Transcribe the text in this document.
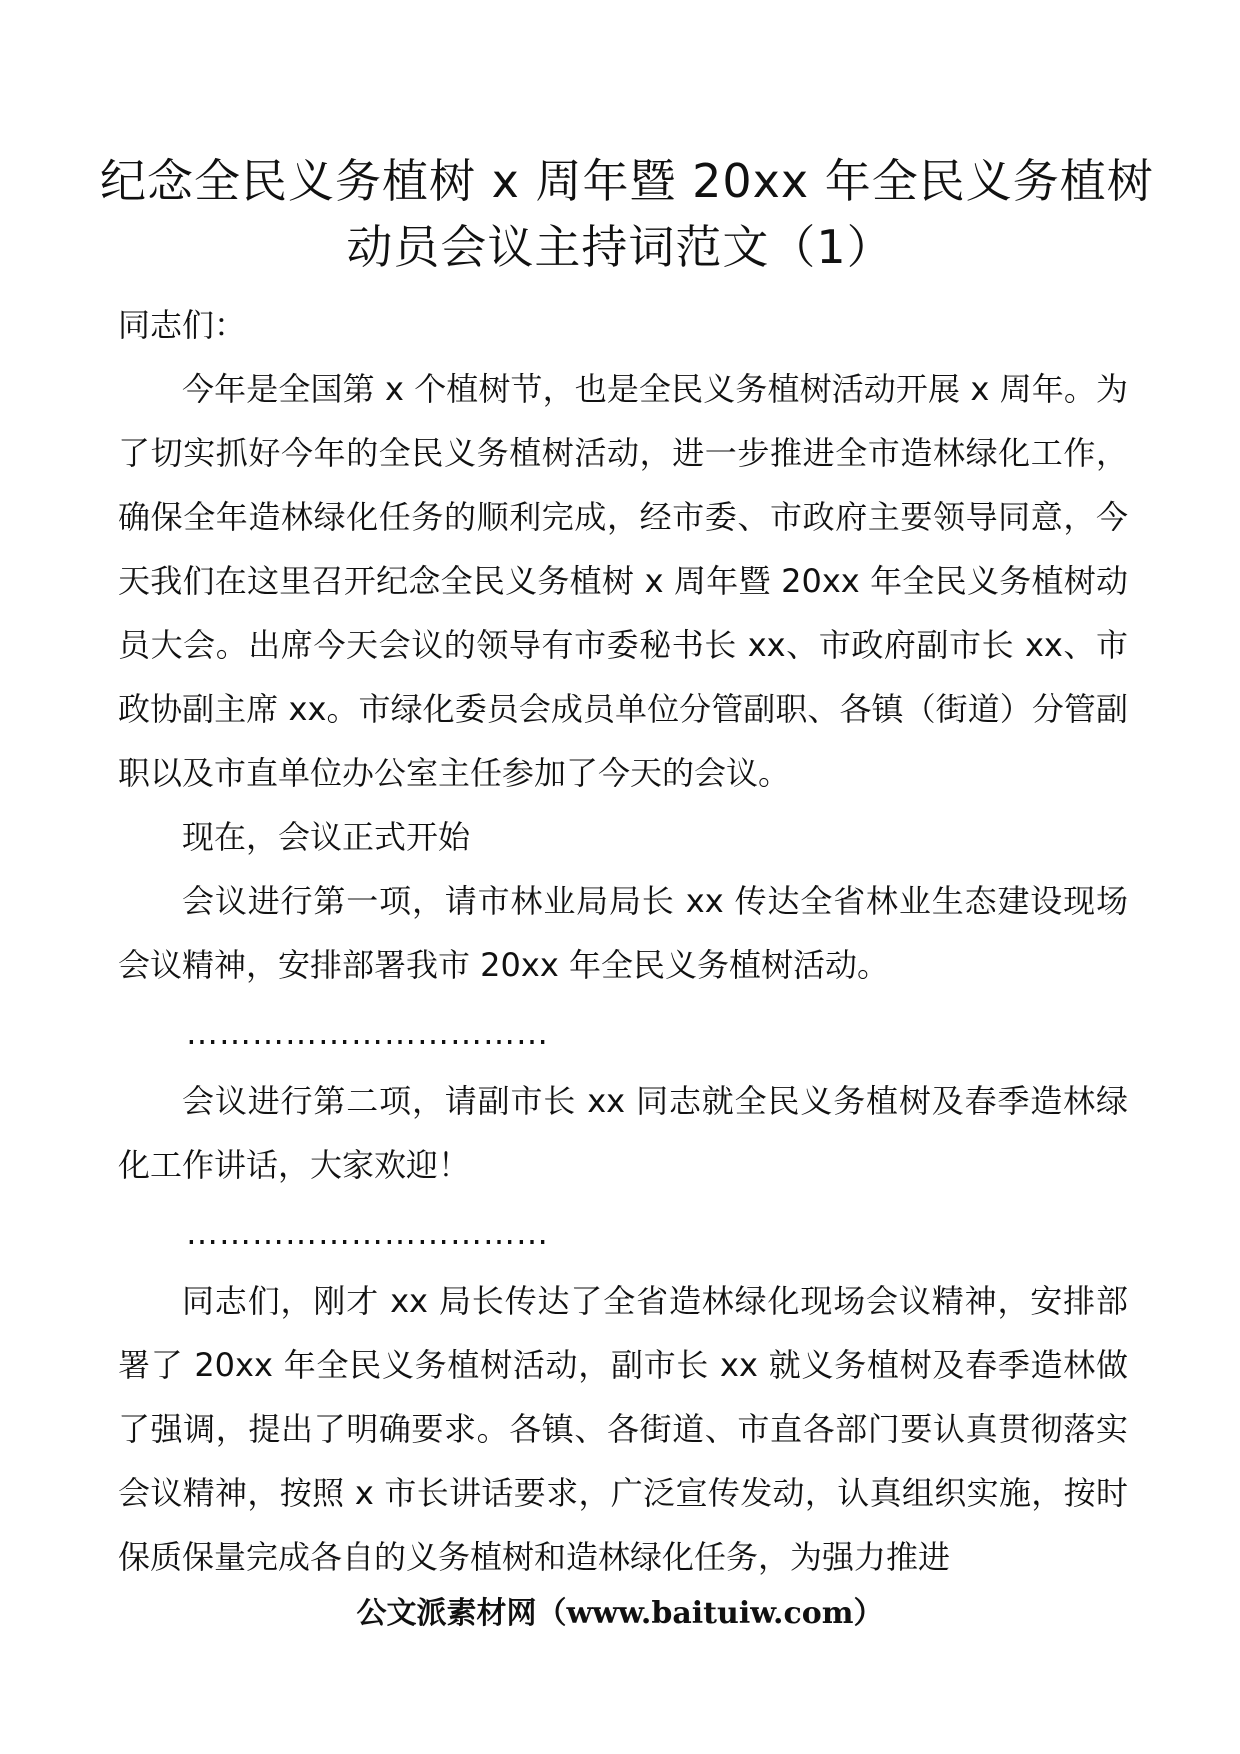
纪念全民义务植树 x 周年暨 20xx 年全民义务植树
动员会议主持词范文（1）

同志们：

今年是全国第 x 个植树节，也是全民义务植树活动开展 x 周年。为了切实抓好今年的全民义务植树活动，进一步推进全市造林绿化工作，确保全年造林绿化任务的顺利完成，经市委、市政府主要领导同意，今天我们在这里召开纪念全民义务植树 x 周年暨 20xx 年全民义务植树动员大会。出席今天会议的领导有市委秘书长 xx、市政府副市长 xx、市政协副主席 xx。市绿化委员会成员单位分管副职、各镇（街道）分管副职以及市直单位办公室主任参加了今天的会议。

现在，会议正式开始

会议进行第一项，请市林业局局长 xx 传达全省林业生态建设现场会议精神，安排部署我市 20xx 年全民义务植树活动。

……………………………

会议进行第二项，请副市长 xx 同志就全民义务植树及春季造林绿化工作讲话，大家欢迎！

……………………………

同志们，刚才 xx 局长传达了全省造林绿化现场会议精神，安排部署了 20xx 年全民义务植树活动，副市长 xx 就义务植树及春季造林做了强调，提出了明确要求。各镇、各街道、市直各部门要认真贯彻落实会议精神，按照 x 市长讲话要求，广泛宣传发动，认真组织实施，按时保质保量完成各自的义务植树和造林绿化任务，为强力推进

公文派素材网（www.baituiw.com）
